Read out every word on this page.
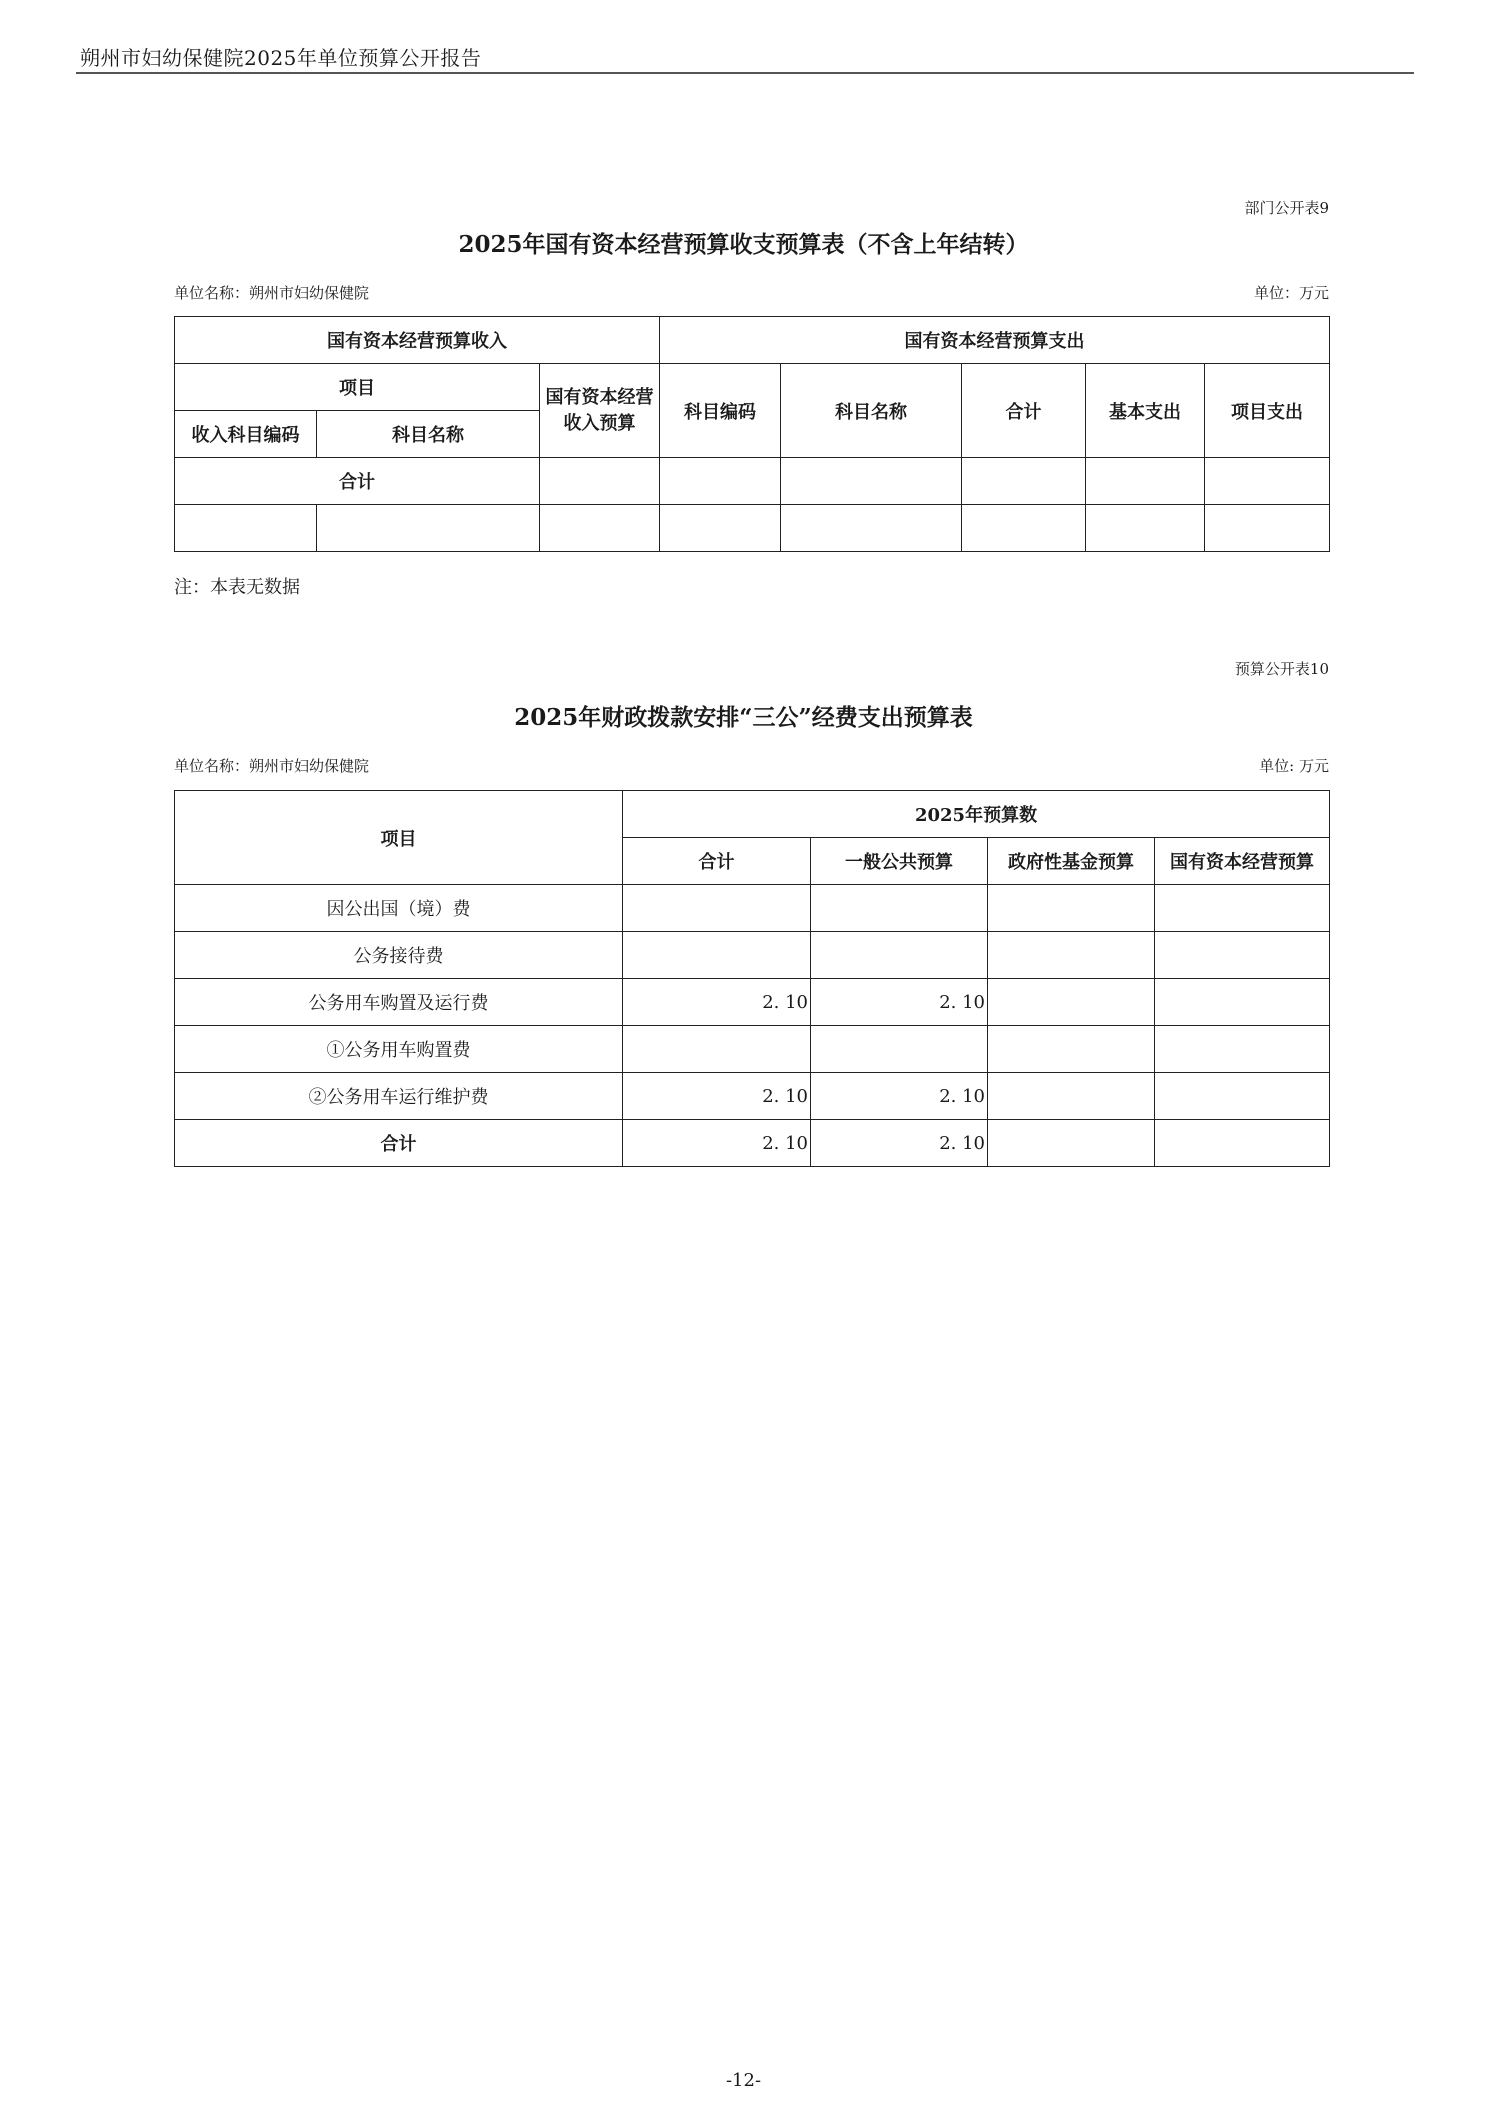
朔州市妇幼保健院2025年单位预算公开报告
部门公开表9
2025年国有资本经营预算收支预算表（不含上年结转）
单位名称：朔州市妇幼保健院	单位：万元
国有资本经营预算收入			国有资本经营预算支出				
项目		国有资本经营收入预算	科目编码	科目名称	合计	基本支出	项目支出
收入科目编码	科目名称						
合计							

注：本表无数据
预算公开表10
2025年财政拨款安排“三公”经费支出预算表
单位名称：朔州市妇幼保健院	单位: 万元
项目	2025年预算数			
	合计	一般公共预算	政府性基金预算	国有资本经营预算
因公出国（境）费				
公务接待费				
公务用车购置及运行费	2. 10	2. 10		
①公务用车购置费				
②公务用车运行维护费	2. 10	2. 10		
合计	2. 10	2. 10		
-12-
